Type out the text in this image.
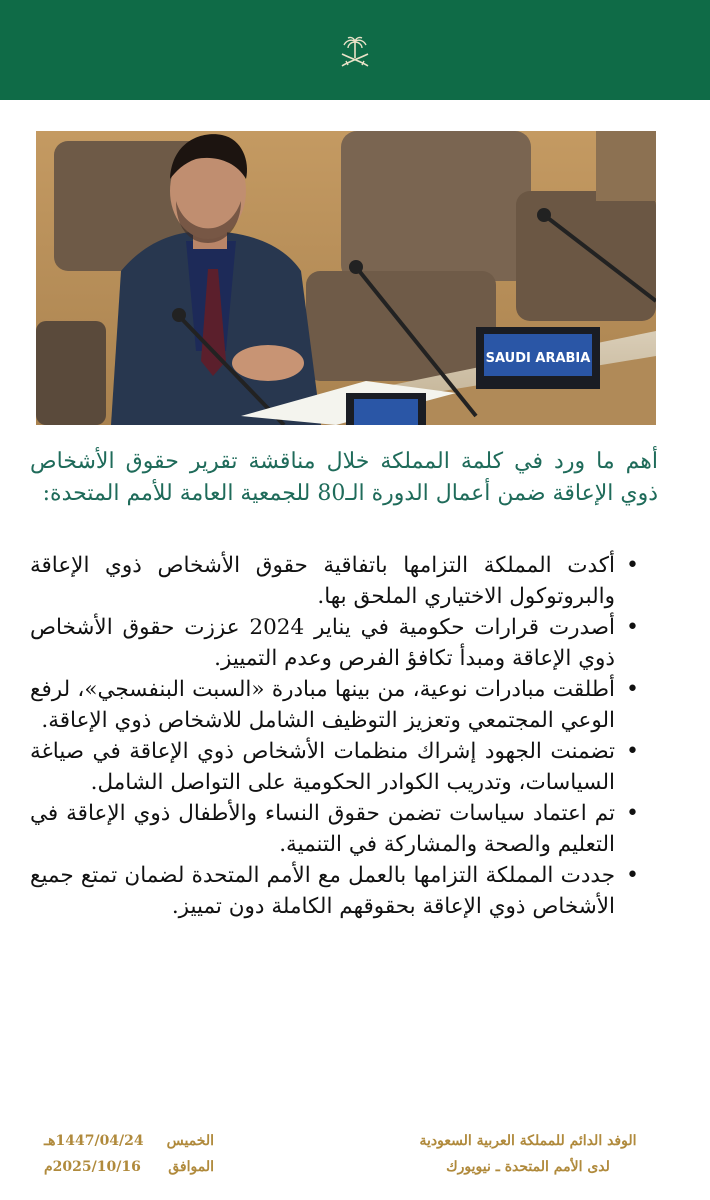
SAUDI ARABIA
أهم ما ورد في كلمة المملكة خلال مناقشة تقرير حقوق الأشخاص ذوي الإعاقة ضمن أعمال الدورة الـ80 للجمعية العامة للأمم المتحدة:
• أكدت المملكة التزامها باتفاقية حقوق الأشخاص ذوي الإعاقة والبروتوكول الاختياري الملحق بها.
• أصدرت قرارات حكومية في يناير 2024 عززت حقوق الأشخاص ذوي الإعاقة ومبدأ تكافؤ الفرص وعدم التمييز.
• أطلقت مبادرات نوعية، من بينها مبادرة «السبت البنفسجي»، لرفع الوعي المجتمعي وتعزيز التوظيف الشامل للاشخاص ذوي الإعاقة.
• تضمنت الجهود إشراك منظمات الأشخاص ذوي الإعاقة في صياغة السياسات، وتدريب الكوادر الحكومية على التواصل الشامل.
• تم اعتماد سياسات تضمن حقوق النساء والأطفال ذوي الإعاقة في التعليم والصحة والمشاركة في التنمية.
• جددت المملكة التزامها بالعمل مع الأمم المتحدة لضمان تمتع جميع الأشخاص ذوي الإعاقة بحقوقهم الكاملة دون تمييز.
الخميس
1447/04/24هـ
الموافق
2025/10/16م
الوفد الدائم للمملكة العربية السعودية
لدى الأمم المتحدة ـ نيويورك
